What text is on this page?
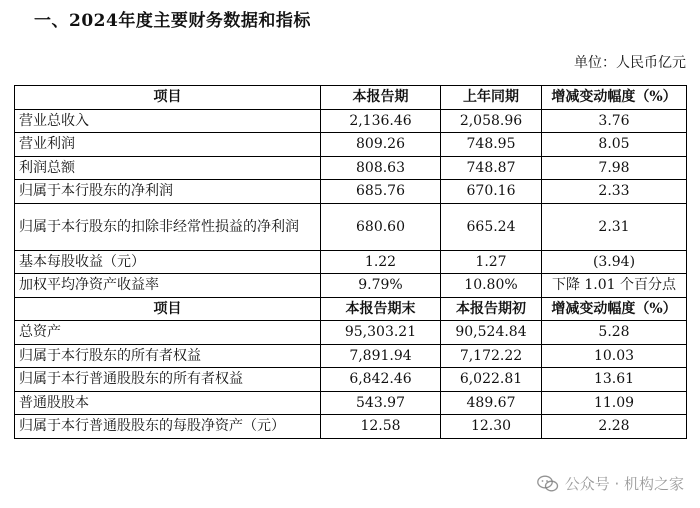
一、2024年度主要财务数据和指标
单位：人民币亿元
项目	本报告期	上年同期	增减变动幅度（%）
营业总收入	2,136.46	2,058.96	3.76
营业利润	809.26	748.95	8.05
利润总额	808.63	748.87	7.98
归属于本行股东的净利润	685.76	670.16	2.33
归属于本行股东的扣除非经常性损益的净利润	680.60	665.24	2.31
基本每股收益（元）	1.22	1.27	(3.94)
加权平均净资产收益率	9.79%	10.80%	下降 1.01 个百分点
项目	本报告期末	本报告期初	增减变动幅度（%）
总资产	95,303.21	90,524.84	5.28
归属于本行股东的所有者权益	7,891.94	7,172.22	10.03
归属于本行普通股股东的所有者权益	6,842.46	6,022.81	13.61
普通股股本	543.97	489.67	11.09
归属于本行普通股股东的每股净资产（元）	12.58	12.30	2.28
公众号 · 机构之家
